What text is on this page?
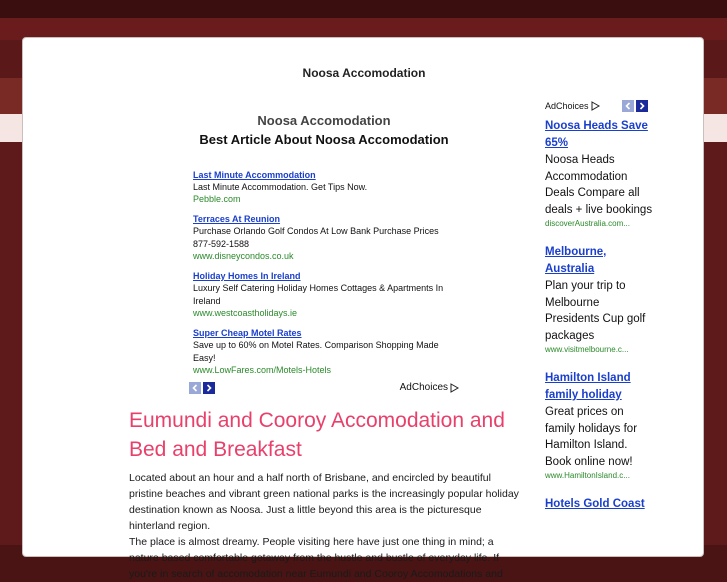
Noosa Accomodation
Noosa Accomodation
Best Article About Noosa Accomodation
Last Minute Accommodation
Last Minute Accommodation. Get Tips Now.
Pebble.com
Terraces At Reunion
Purchase Orlando Golf Condos At Low Bank Purchase Prices 877-592-1588
www.disneycondos.co.uk
Holiday Homes In Ireland
Luxury Self Catering Holiday Homes Cottages & Apartments In Ireland
www.westcoastholidays.ie
Super Cheap Motel Rates
Save up to 60% on Motel Rates. Comparison Shopping Made Easy!
www.LowFares.com/Motels-Hotels
AdChoices
Eumundi and Cooroy Accomodation and Bed and Breakfast

Located about an hour and a half north of Brisbane, and encircled by beautiful pristine beaches and vibrant green national parks is the increasingly popular holiday destination known as Noosa. Just a little beyond this area is the picturesque hinterland region.

The place is almost dreamy. People visiting here have just one thing in mind; a nature based comfortable getaway from the hustle and bustle of everyday life. If you're in search of accomodation near Eumundi and Cooroy Accomodations and

AdChoices
Noosa Heads Save 65%
Noosa Heads Accommodation Deals Compare all deals + live bookings
discoverAustralia.com...
Melbourne, Australia
Plan your trip to Melbourne Presidents Cup golf packages
www.visitmelbourne.c...
Hamilton Island family holiday
Great prices on family holidays for Hamilton Island. Book online now!
www.HamiltonIsland.c...
Hotels Gold Coast
